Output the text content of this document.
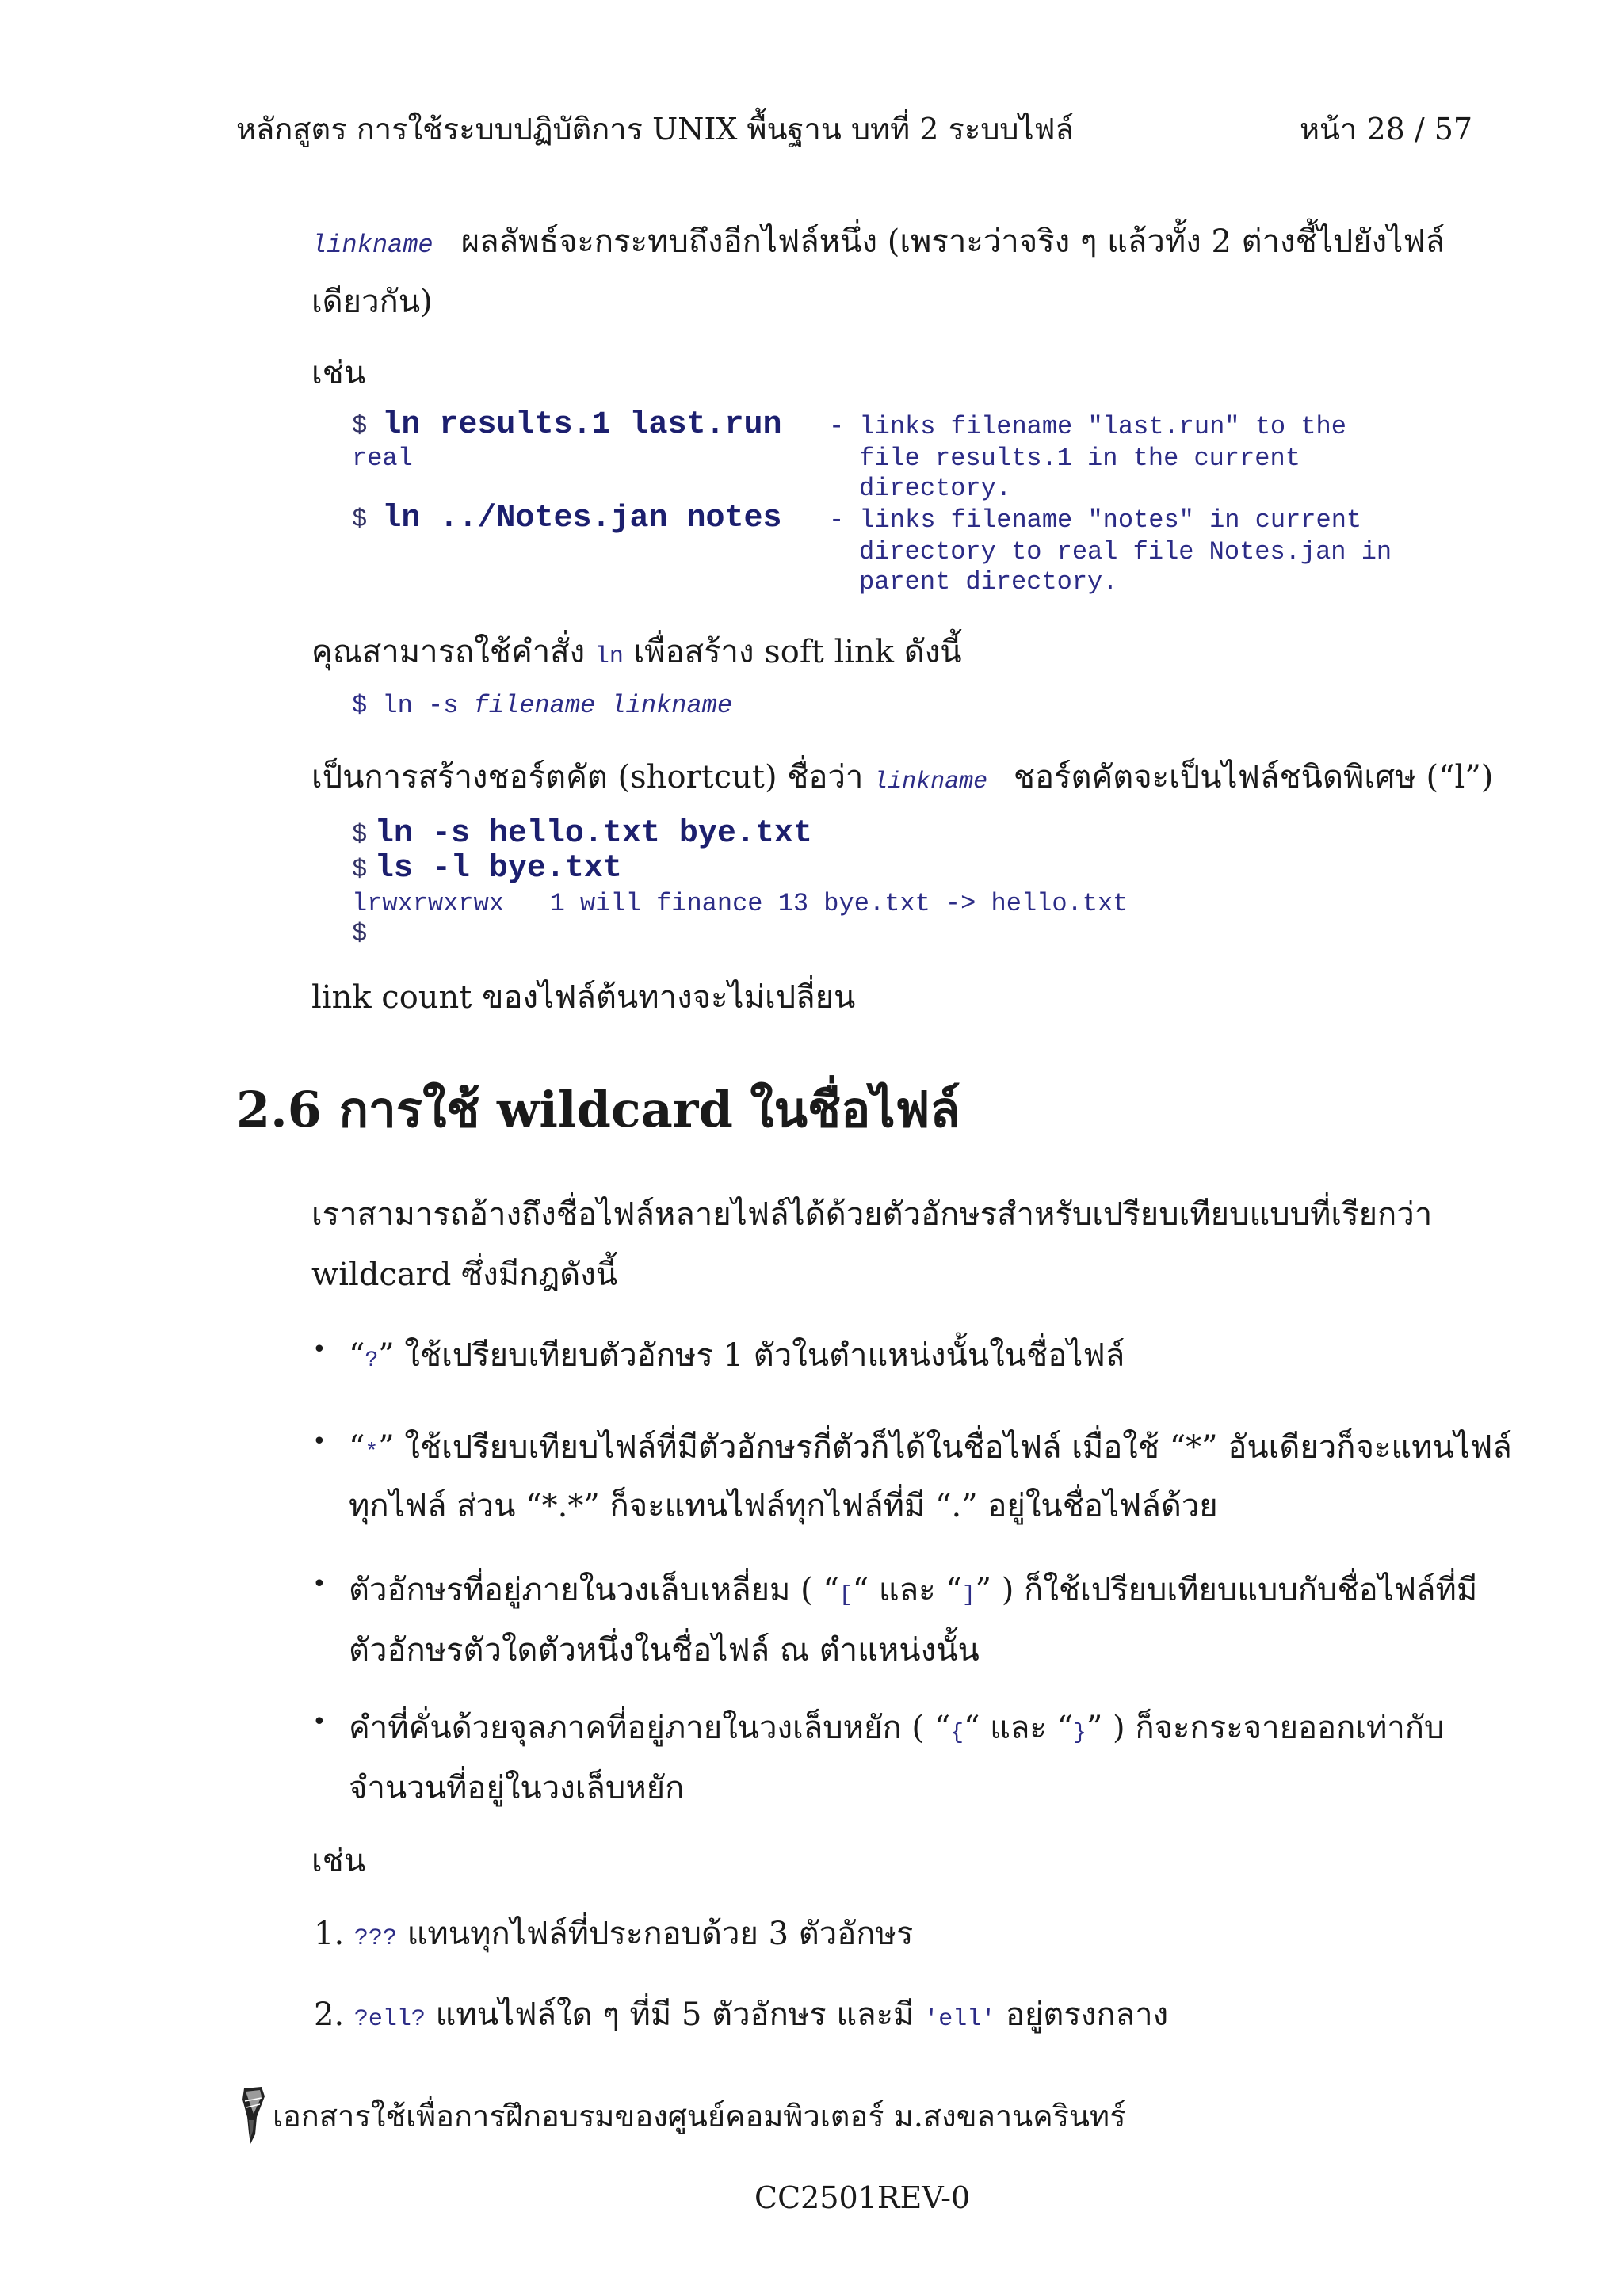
หลักสูตร การใช้ระบบปฏิบัติการ UNIX พื้นฐาน บทที่ 2 ระบบไฟล์	หน้า 28 / 57
linkname ผลลัพธ์จะกระทบถึงอีกไฟล์หนึ่ง (เพราะว่าจริง ๆ แล้วทั้ง 2 ต่างชี้ไปยังไฟล์
เดียวกัน)
เช่น
$ ln results.1 last.run	- links filename "last.run" to the
real	file results.1 in the current
directory.
$ ln ../Notes.jan notes	- links filename "notes" in current
directory to real file Notes.jan in
parent directory.
คุณสามารถใช้คำสั่ง ln เพื่อสร้าง soft link ดังนี้
$ ln -s filename linkname
เป็นการสร้างชอร์ตคัต (shortcut) ชื่อว่า linkname ชอร์ตคัตจะเป็นไฟล์ชนิดพิเศษ (“l”)
$ ln -s hello.txt bye.txt
$ ls -l bye.txt
lrwxrwxrwx   1 will finance 13 bye.txt -> hello.txt
$
link count ของไฟล์ต้นทางจะไม่เปลี่ยน
2.6 การใช้ wildcard ในชื่อไฟล์
เราสามารถอ้างถึงชื่อไฟล์หลายไฟล์ได้ด้วยตัวอักษรสำหรับเปรียบเทียบแบบที่เรียกว่า
wildcard ซึ่งมีกฎดังนี้
• “?” ใช้เปรียบเทียบตัวอักษร 1 ตัวในตำแหน่งนั้นในชื่อไฟล์
• “*” ใช้เปรียบเทียบไฟล์ที่มีตัวอักษรกี่ตัวก็ได้ในชื่อไฟล์ เมื่อใช้ “*” อันเดียวก็จะแทนไฟล์
ทุกไฟล์ ส่วน “*.*” ก็จะแทนไฟล์ทุกไฟล์ที่มี “.” อยู่ในชื่อไฟล์ด้วย
• ตัวอักษรที่อยู่ภายในวงเล็บเหลี่ยม ( “[“ และ “]” ) ก็ใช้เปรียบเทียบแบบกับชื่อไฟล์ที่มี
ตัวอักษรตัวใดตัวหนึ่งในชื่อไฟล์ ณ ตำแหน่งนั้น
• คำที่คั่นด้วยจุลภาคที่อยู่ภายในวงเล็บหยัก ( “{“ และ “}” ) ก็จะกระจายออกเท่ากับ
จำนวนที่อยู่ในวงเล็บหยัก
เช่น
1. ??? แทนทุกไฟล์ที่ประกอบด้วย 3 ตัวอักษร
2. ?ell? แทนไฟล์ใด ๆ ที่มี 5 ตัวอักษร และมี 'ell' อยู่ตรงกลาง
เอกสารใช้เพื่อการฝึกอบรมของศูนย์คอมพิวเตอร์ ม.สงขลานครินทร์
CC2501REV-0
